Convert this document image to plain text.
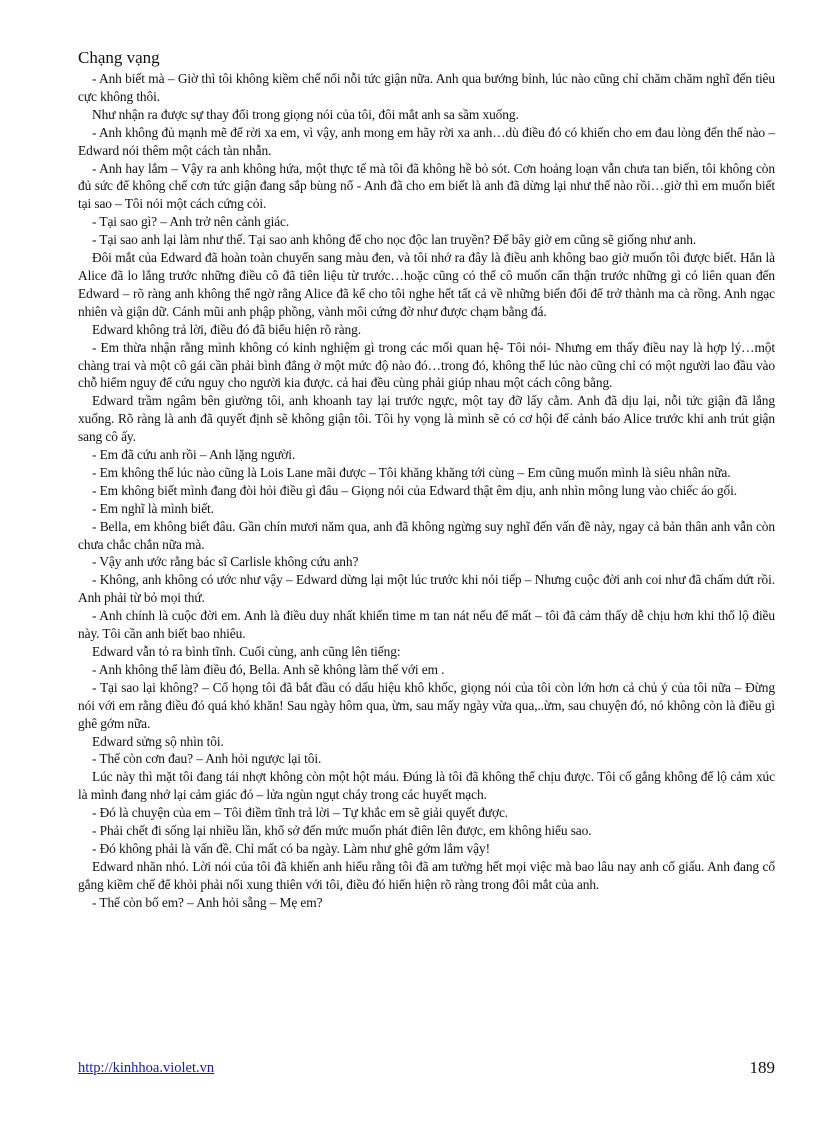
Chạng vạng

- Anh biết mà – Giờ thì tôi không kiềm chế nổi nỗi tức giận nữa. Anh qua bướng bỉnh, lúc nào cũng chỉ chăm chăm nghĩ đến tiêu cực không thôi.

Như nhận ra được sự thay đổi trong giọng nói của tôi, đôi mắt anh sa sầm xuống.

- Anh không đủ mạnh mẽ để rời xa em, vì vậy, anh mong em hãy rời xa anh…dù điều đó có khiến cho em đau lòng đến thế nào – Edward nói thêm một cách tàn nhẫn.

- Anh hay lắm – Vậy ra anh không hứa, một thực tế mà tôi đã không hề bỏ sót. Cơn hoảng loạn vẫn chưa tan biến, tôi không còn đủ sức để không chế cơn tức giận đang sắp bùng nổ - Anh đã cho em biết là anh đã dừng lại như thế nào rồi…giờ thì em muốn biết tại sao – Tôi nói một cách cứng cỏi.

- Tại sao gì? – Anh trở nên cảnh giác.

- Tại sao anh lại làm như thế. Tại sao anh không để cho nọc độc lan truyền? Để bây giờ em cũng sẽ giống như anh.

Đôi mắt của Edward đã hoàn toàn chuyển sang màu đen, và tôi nhớ ra đây là điều anh không bao giờ muốn tôi được biết. Hẳn là Alice đã lo lắng trước những điều cô đã tiên liệu từ trước…hoặc cũng có thể cô muốn cẩn thận trước những gì có liên quan đến Edward – rõ ràng anh không thể ngờ rằng Alice đã kể cho tôi nghe hết tất cả về những biến đổi để trở thành ma cà rồng. Anh ngạc nhiên và giận dữ. Cánh mũi anh phập phồng, vành môi cứng đờ như được chạm bằng đá.

Edward không trả lời, điều đó đã biểu hiện rõ ràng.

- Em thừa nhận rằng mình không có kinh nghiệm gì trong các mối quan hệ- Tôi nói- Nhưng em thấy điều nay là hợp lý…một chàng trai và một cô gái cần phải bình đẳng ở một mức độ nào đó…trong đó, không thể lúc nào cũng chỉ có một người lao đầu vào chỗ hiểm nguy để cứu nguy cho người kia được. cả hai đều cùng phải giúp nhau một cách công bằng.

Edward trầm ngâm bên giường tôi, anh khoanh tay lại trước ngực, một tay đỡ lấy cằm. Anh đã dịu lại, nỗi tức giận đã lắng xuống. Rõ ràng là anh đã quyết định sẽ không giận tôi. Tôi hy vọng là mình sẽ có cơ hội để cảnh báo Alice trước khi anh trút giận sang cô ấy.

- Em đã cứu anh rồi – Anh lặng người.

- Em không thể lúc nào cũng là Lois Lane mãi được – Tôi khăng khăng tới cùng – Em cũng muốn mình là siêu nhân nữa.

- Em không biết mình đang đòi hỏi điều gì đâu – Giọng nói của Edward thật êm dịu, anh nhìn mông lung vào chiếc áo gối.

- Em nghĩ là mình biết.

- Bella, em không biết đâu. Gần chín mươi năm qua, anh đã không ngừng suy nghĩ đến vấn đề này, ngay cả bản thân anh vẫn còn chưa chắc chắn nữa mà.

- Vậy anh ước rằng bác sĩ Carlisle không cứu anh?

- Không, anh không có ước như vậy – Edward dừng lại một lúc trước khi nói tiếp – Nhưng cuộc đời anh coi như đã chấm dứt rồi. Anh phải từ bỏ mọi thứ.

- Anh chính là cuộc đời em. Anh là điều duy nhất khiến time m tan nát nếu để mất – tôi đã cảm thấy dễ chịu hơn khi thổ lộ điều này. Tôi cần anh biết bao nhiêu.

Edward vẫn tỏ ra bình tĩnh. Cuối cùng, anh cũng lên tiếng:

- Anh không thể làm điều đó, Bella. Anh sẽ không làm thế với em .

- Tại sao lại không? – Cổ họng tôi đã bắt đầu có dấu hiệu khô khốc, giọng nói của tôi còn lớn hơn cả chủ ý của tôi nữa – Đừng nói với em rằng điều đó quá khó khăn! Sau ngày hôm qua, ừm, sau mấy ngày vừa qua,..ừm, sau chuyện đó, nó không còn là điều gì ghê gớm nữa.

Edward sửng sộ nhìn tôi.

- Thế còn cơn đau? – Anh hỏi ngược lại tôi.

Lúc này thì mặt tôi đang tái nhợt không còn một hột máu. Đúng là tôi đã không thể chịu được. Tôi cố gắng không để lộ cảm xúc là mình đang nhớ lại cảm giác đó – lửa ngùn ngụt cháy trong các huyết mạch.

- Đó là chuyện của em – Tôi điềm tĩnh trả lời – Tự khắc em sẽ giải quyết được.

- Phải chết đi sống lại nhiều lần, khổ sở đến mức muốn phát điên lên được, em không hiểu sao.

- Đó không phải là vấn đề. Chỉ mất có ba ngày. Làm như ghê gớm lắm vậy!

Edward nhăn nhó. Lời nói của tôi đã khiến anh hiểu rằng tôi đã am tường hết mọi việc mà bao lâu nay anh cố giấu. Anh đang cố gắng kiềm chế để khỏi phải nổi xung thiên với tôi, điều đó hiển hiện rõ ràng trong đôi mắt của anh.

- Thế còn bố em? – Anh hỏi sẵng – Mẹ em?

http://kinhhoa.violet.vn	189
